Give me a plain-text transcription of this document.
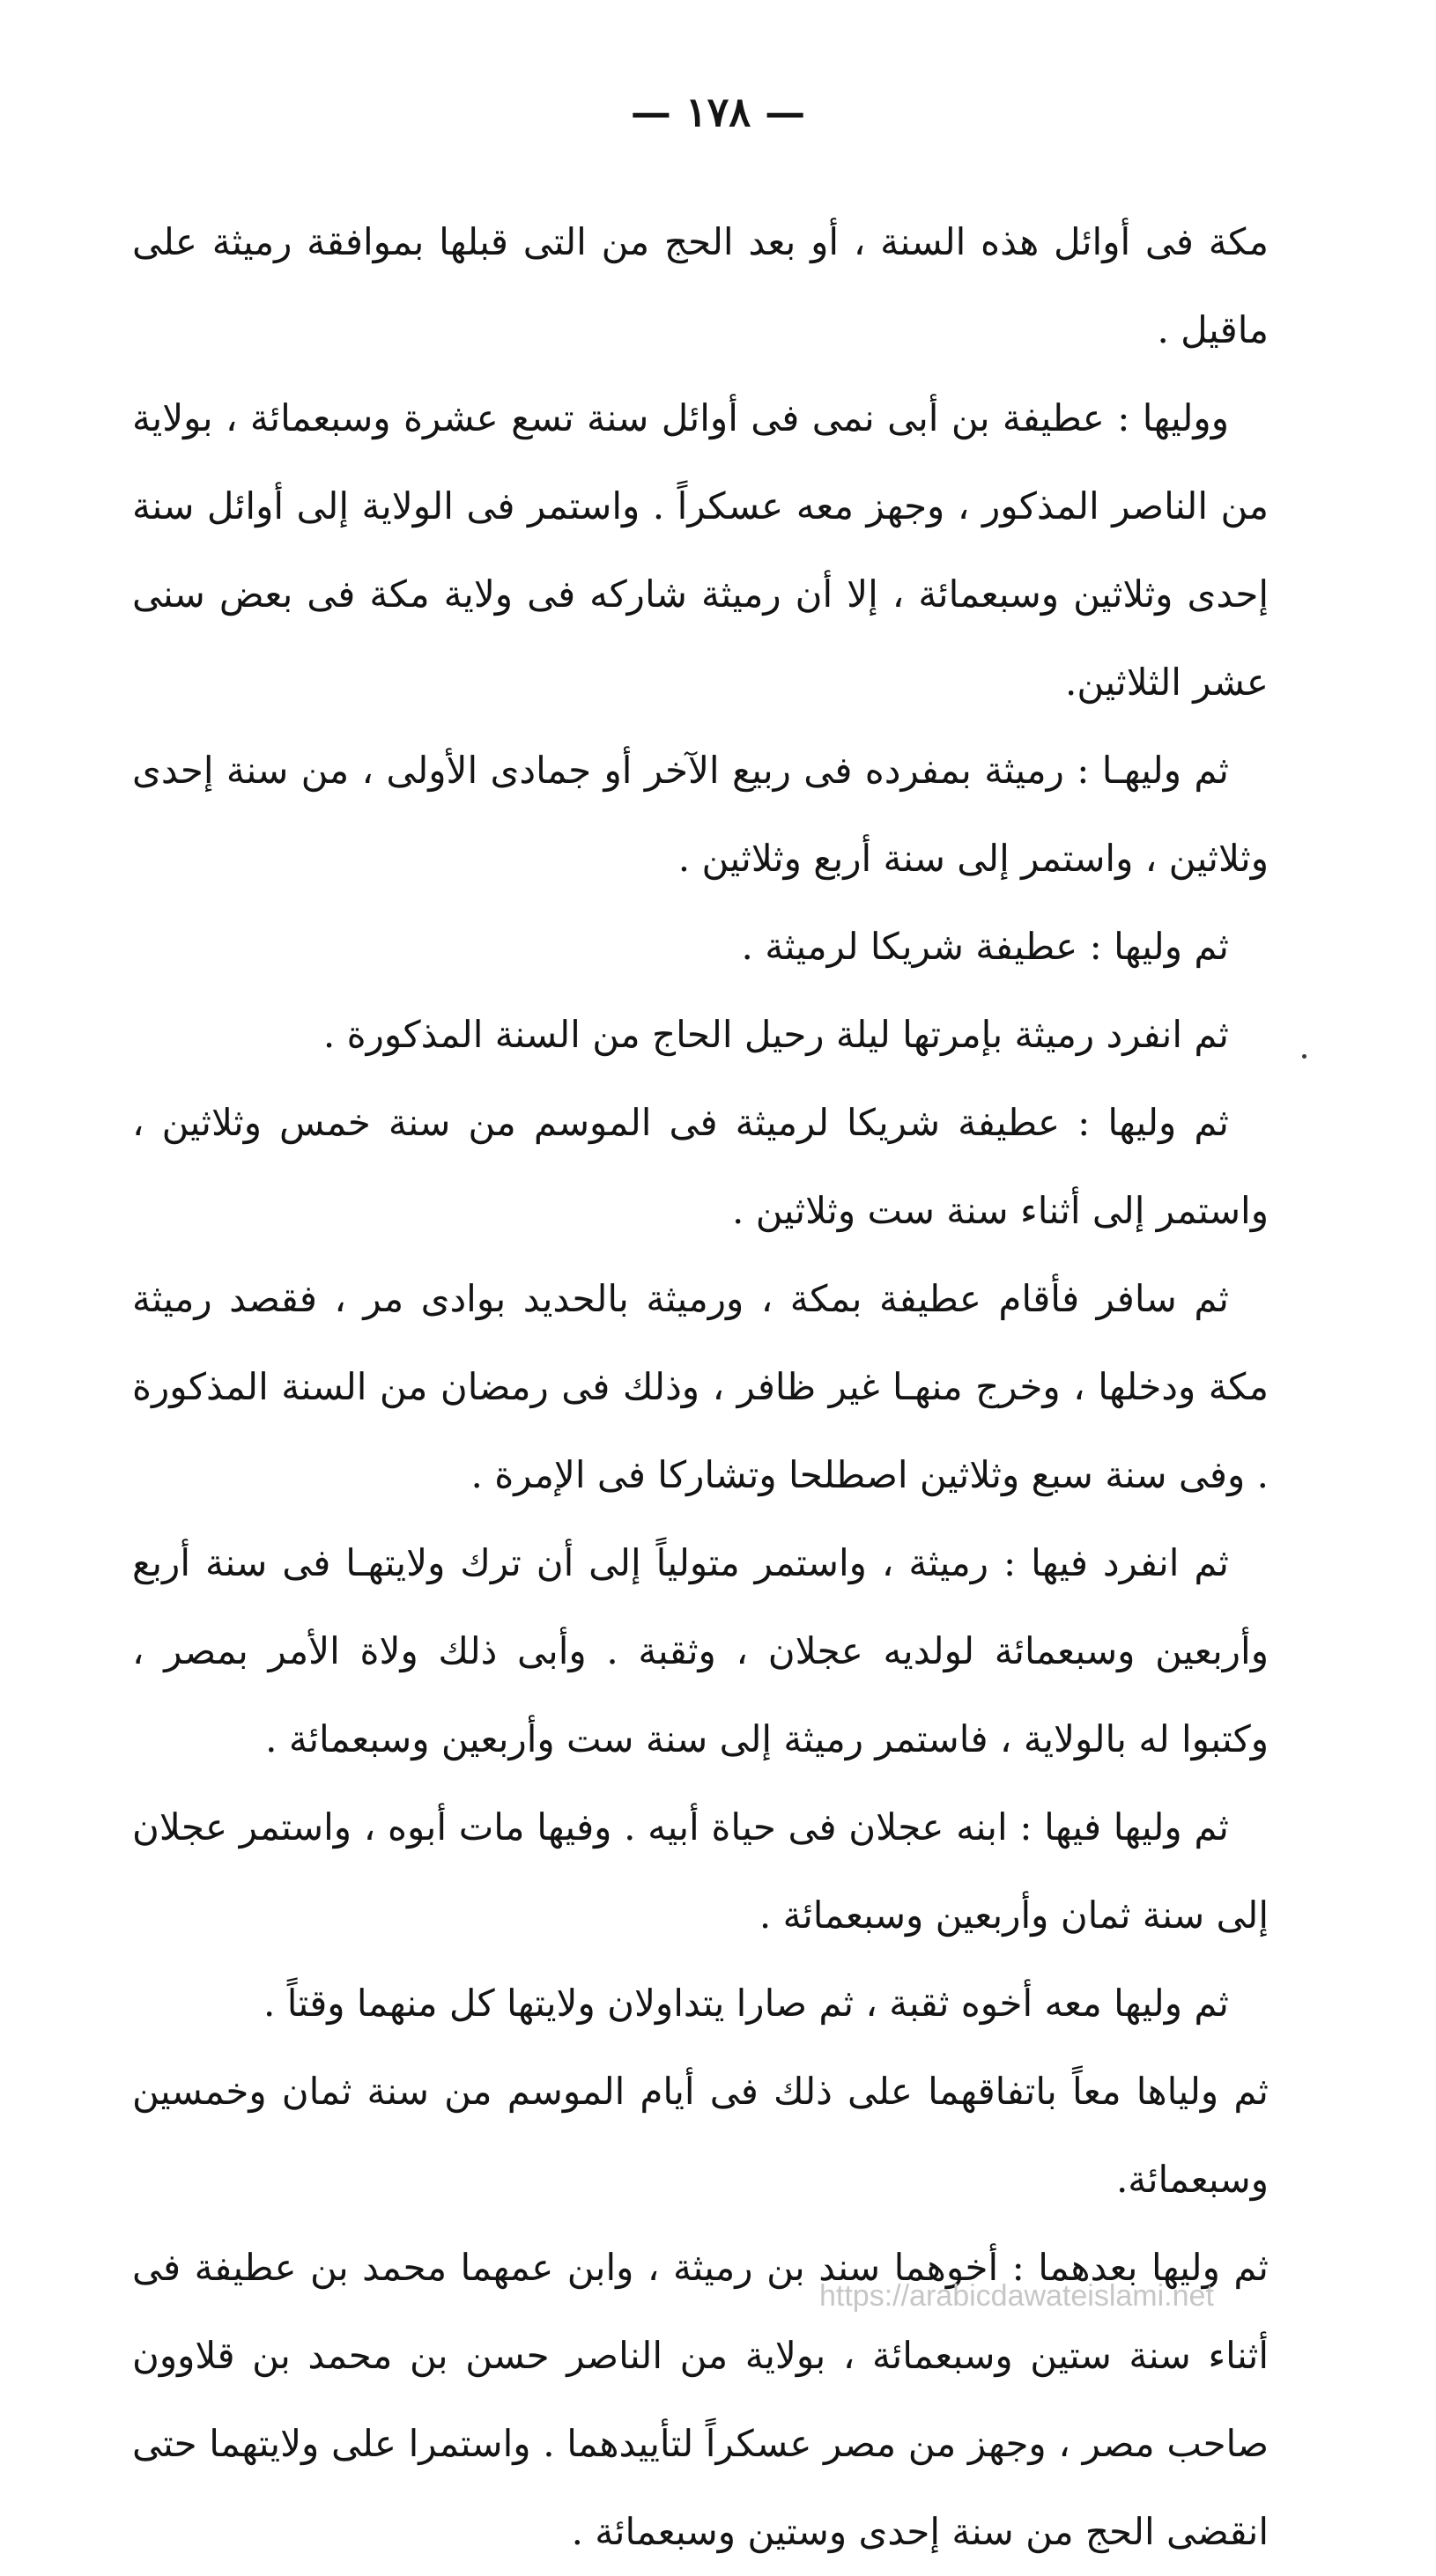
— ١٧٨ —

مكة فى أوائل هذه السنة ، أو بعد الحج من التى قبلها بموافقة رميثة على ماقيل .

ووليها : عطيفة بن أبى نمى فى أوائل سنة تسع عشرة وسبعمائة ، بولاية من الناصر المذكور ، وجهز معه عسكراً . واستمر فى الولاية إلى أوائل سنة إحدى وثلاثين وسبعمائة ، إلا أن رميثة شاركه فى ولاية مكة فى بعض سنى عشر الثلاثين.

ثم وليهـا : رميثة بمفرده فى ربيع الآخر أو جمادى الأولى ، من سنة إحدى وثلاثين ، واستمر إلى سنة أربع وثلاثين .

ثم وليها : عطيفة شريكا لرميثة .

ثم انفرد رميثة بإمرتها ليلة رحيل الحاج من السنة المذكورة .

ثم وليها : عطيفة شريكا لرميثة فى الموسم من سنة خمس وثلاثين ، واستمر إلى أثناء سنة ست وثلاثين .

ثم سافر فأقام عطيفة بمكة ، ورميثة بالحديد بوادى مر ، فقصد رميثة مكة ودخلها ، وخرج منهـا غير ظافر ، وذلك فى رمضان من السنة المذكورة . وفى سنة سبع وثلاثين اصطلحا وتشاركا فى الإمرة .

ثم انفرد فيها : رميثة ، واستمر متولياً إلى أن ترك ولايتهـا فى سنة أربع وأربعين وسبعمائة لولديه عجلان ، وثقبة . وأبى ذلك ولاة الأمر بمصر ، وكتبوا له بالولاية ، فاستمر رميثة إلى سنة ست وأربعين وسبعمائة .

ثم وليها فيها : ابنه عجلان فى حياة أبيه . وفيها مات أبوه ، واستمر عجلان إلى سنة ثمان وأربعين وسبعمائة .

ثم وليها معه أخوه ثقبة ، ثم صارا يتداولان ولايتها كل منهما وقتاً .

ثم ولياها معاً باتفاقهما على ذلك فى أيام الموسم من سنة ثمان وخمسين وسبعمائة.

ثم وليها بعدهما : أخوهما سند بن رميثة ، وابن عمهما محمد بن عطيفة فى أثناء سنة ستين وسبعمائة ، بولاية من الناصر حسن بن محمد بن قلاوون صاحب مصر ، وجهز من مصر عسكراً لتأييدهما . واستمرا على ولايتهما حتى انقضى الحج من سنة إحدى وستين وسبعمائة .

https://arabicdawateislami.net
